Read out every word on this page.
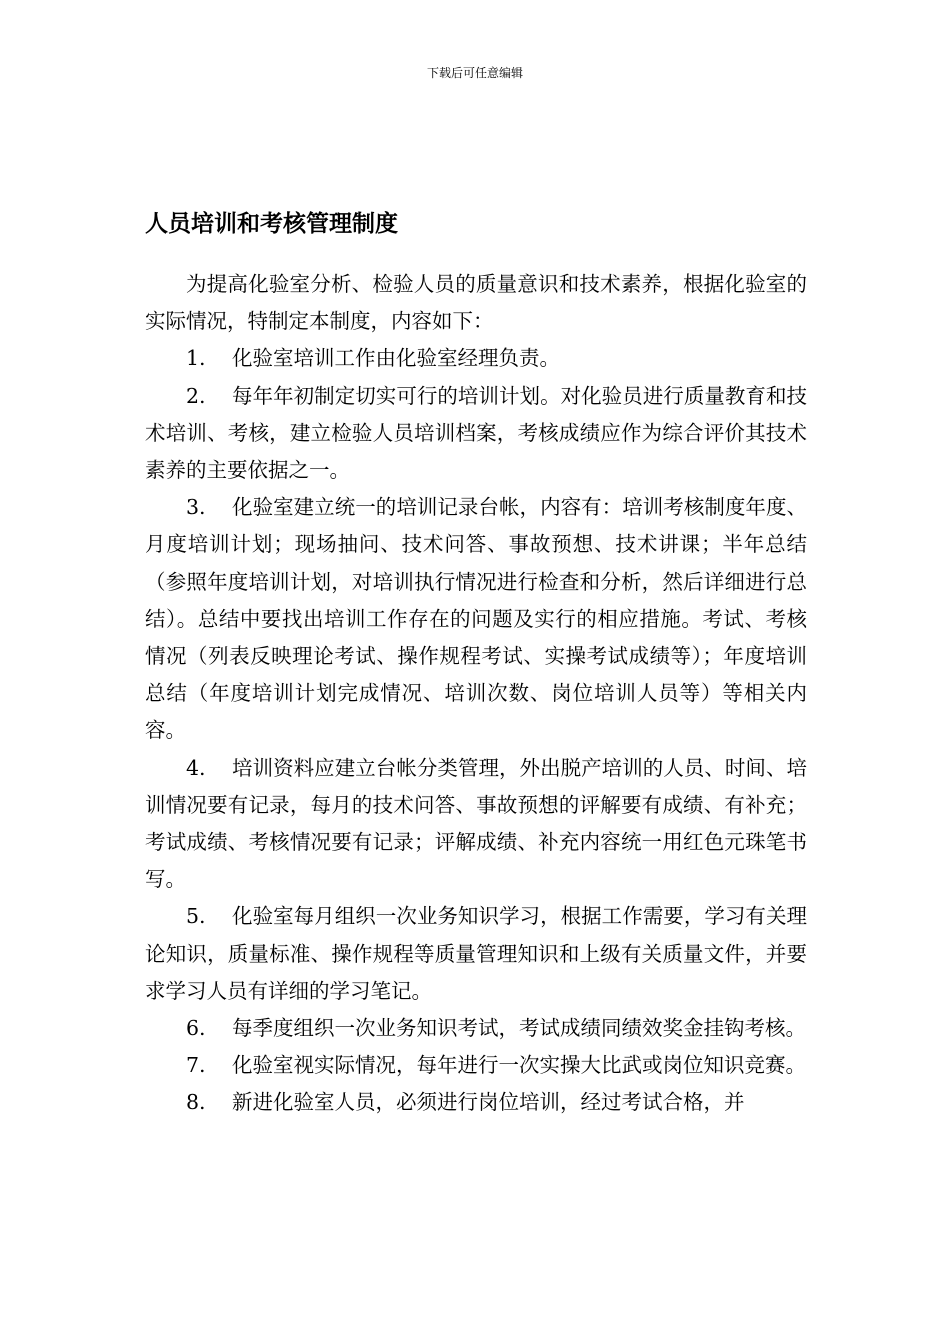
下载后可任意编辑
人员培训和考核管理制度

为提高化验室分析、检验人员的质量意识和技术素养，根据化验室的实际情况，特制定本制度，内容如下：

1. 化验室培训工作由化验室经理负责。

2. 每年年初制定切实可行的培训计划。对化验员进行质量教育和技术培训、考核，建立检验人员培训档案，考核成绩应作为综合评价其技术素养的主要依据之一。

3. 化验室建立统一的培训记录台帐，内容有：培训考核制度年度、月度培训计划；现场抽问、技术问答、事故预想、技术讲课；半年总结（参照年度培训计划，对培训执行情况进行检查和分析，然后详细进行总结）。总结中要找出培训工作存在的问题及实行的相应措施。考试、考核情况（列表反映理论考试、操作规程考试、实操考试成绩等）；年度培训总结（年度培训计划完成情况、培训次数、岗位培训人员等）等相关内容。

4. 培训资料应建立台帐分类管理，外出脱产培训的人员、时间、培训情况要有记录，每月的技术问答、事故预想的评解要有成绩、有补充；考试成绩、考核情况要有记录；评解成绩、补充内容统一用红色元珠笔书写。

5. 化验室每月组织一次业务知识学习，根据工作需要，学习有关理论知识，质量标准、操作规程等质量管理知识和上级有关质量文件，并要求学习人员有详细的学习笔记。

6. 每季度组织一次业务知识考试，考试成绩同绩效奖金挂钩考核。

7. 化验室视实际情况，每年进行一次实操大比武或岗位知识竞赛。

8. 新进化验室人员，必须进行岗位培训，经过考试合格，并
